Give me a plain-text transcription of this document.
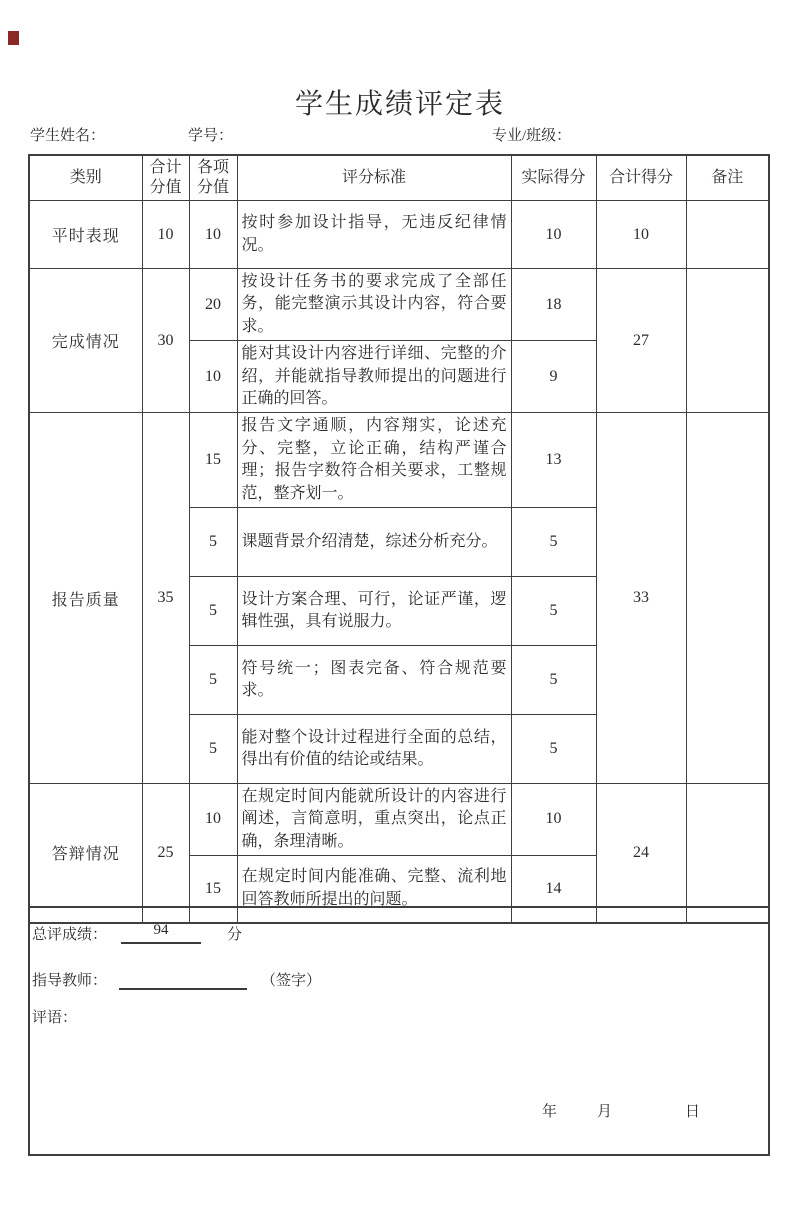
学生成绩评定表
学生姓名：	学号：	专业/班级：
类别	合计分值	各项分值	评分标准	实际得分	合计得分	备注
平时表现	10	10	按时参加设计指导，无违反纪律情况。	10	10	
完成情况	30	20	按设计任务书的要求完成了全部任务，能完整演示其设计内容，符合要求。	18	27	
		10	能对其设计内容进行详细、完整的介绍，并能就指导教师提出的问题进行正确的回答。	9		
报告质量	35	15	报告文字通顺，内容翔实，论述充分、完整，立论正确，结构严谨合理；报告字数符合相关要求，工整规范，整齐划一。	13	33	
		5	课题背景介绍清楚，综述分析充分。	5		
		5	设计方案合理、可行，论证严谨，逻辑性强，具有说服力。	5		
		5	符号统一；图表完备、符合规范要求。	5		
		5	能对整个设计过程进行全面的总结，得出有价值的结论或结果。	5		
答辩情况	25	10	在规定时间内能就所设计的内容进行阐述，言简意明，重点突出，论点正确，条理清晰。	10	24	
		15	在规定时间内能准确、完整、流利地回答教师所提出的问题。	14		
总评成绩：	94	分
指导教师：	（签字）
评语：
年	月	日
